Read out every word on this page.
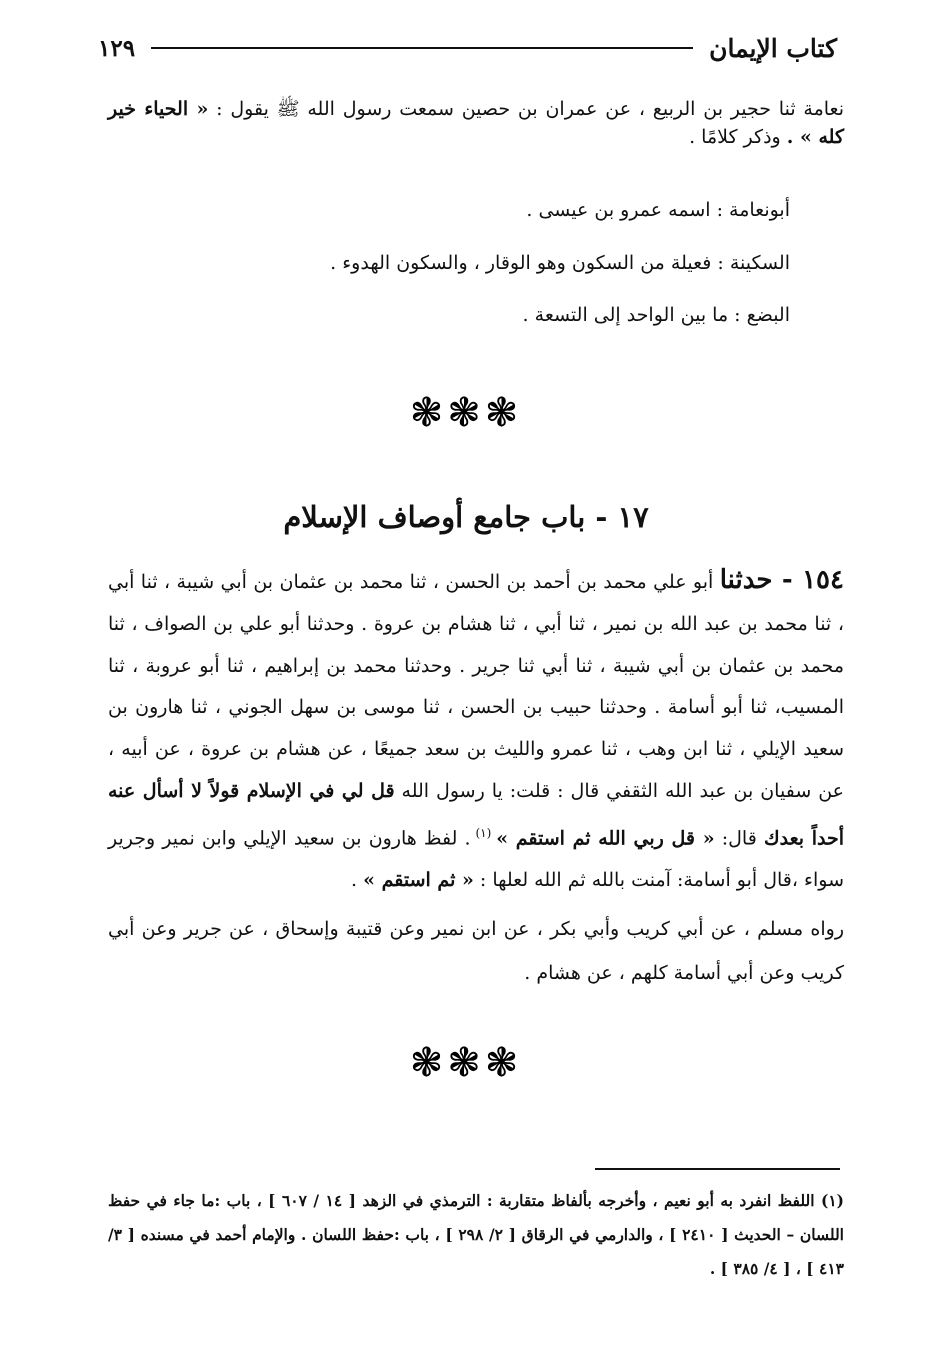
كتاب الإيمان
١٢٩

نعامة ثنا حجير بن الربيع ، عن عمران بن حصين سمعت رسول الله ﷺ يقول : « الحياء خير كله » . وذكر كلامًا .

أبونعامة : اسمه عمرو بن عيسى .

السكينة : فعيلة من السكون وهو الوقار ، والسكون الهدوء .

البضع : ما بين الواحد إلى التسعة .

❃❃❃
١٧ - باب جامع أوصاف الإسلام

١٥٤ - حدثنا أبو علي محمد بن أحمد بن الحسن ، ثنا محمد بن عثمان بن أبي شيبة ، ثنا أبي ، ثنا محمد بن عبد الله بن نمير ، ثنا أبي ، ثنا هشام بن عروة . وحدثنا أبو علي بن الصواف ، ثنا محمد بن عثمان بن أبي شيبة ، ثنا أبي ثنا جرير . وحدثنا محمد بن إبراهيم ، ثنا أبو عروبة ، ثنا المسيب، ثنا أبو أسامة . وحدثنا حبيب بن الحسن ، ثنا موسى بن سهل الجوني ، ثنا هارون بن سعيد الإيلي ، ثنا ابن وهب ، ثنا عمرو والليث بن سعد جميعًا ، عن هشام بن عروة ، عن أبيه ، عن سفيان بن عبد الله الثقفي قال : قلت: يا رسول الله قل لي في الإسلام قولاً لا أسأل عنه أحداً بعدك قال: « قل ربي الله ثم استقم » $^{(١)}$ . لفظ هارون بن سعيد الإيلي وابن نمير وجرير سواء ،قال أبو أسامة: آمنت بالله ثم الله لعلها : « ثم استقم » .

رواه مسلم ، عن أبي كريب وأبي بكر ، عن ابن نمير وعن قتيبة وإسحاق ، عن جرير وعن أبي كريب وعن أبي أسامة كلهم ، عن هشام .

❃❃❃

(١) اللفظ انفرد به أبو نعيم ، وأخرجه بألفاظ متقاربة : الترمذي في الزهد [ ١٤ / ٦٠٧ ] ، باب :ما جاء في حفظ اللسان – الحديث [ ٢٤١٠ ] ، والدارمي في الرقاق [ ٢/ ٢٩٨ ] ، باب :حفظ اللسان . والإمام أحمد في مسنده [ ٣/ ٤١٣ ] ، [ ٤/ ٣٨٥ ] .
